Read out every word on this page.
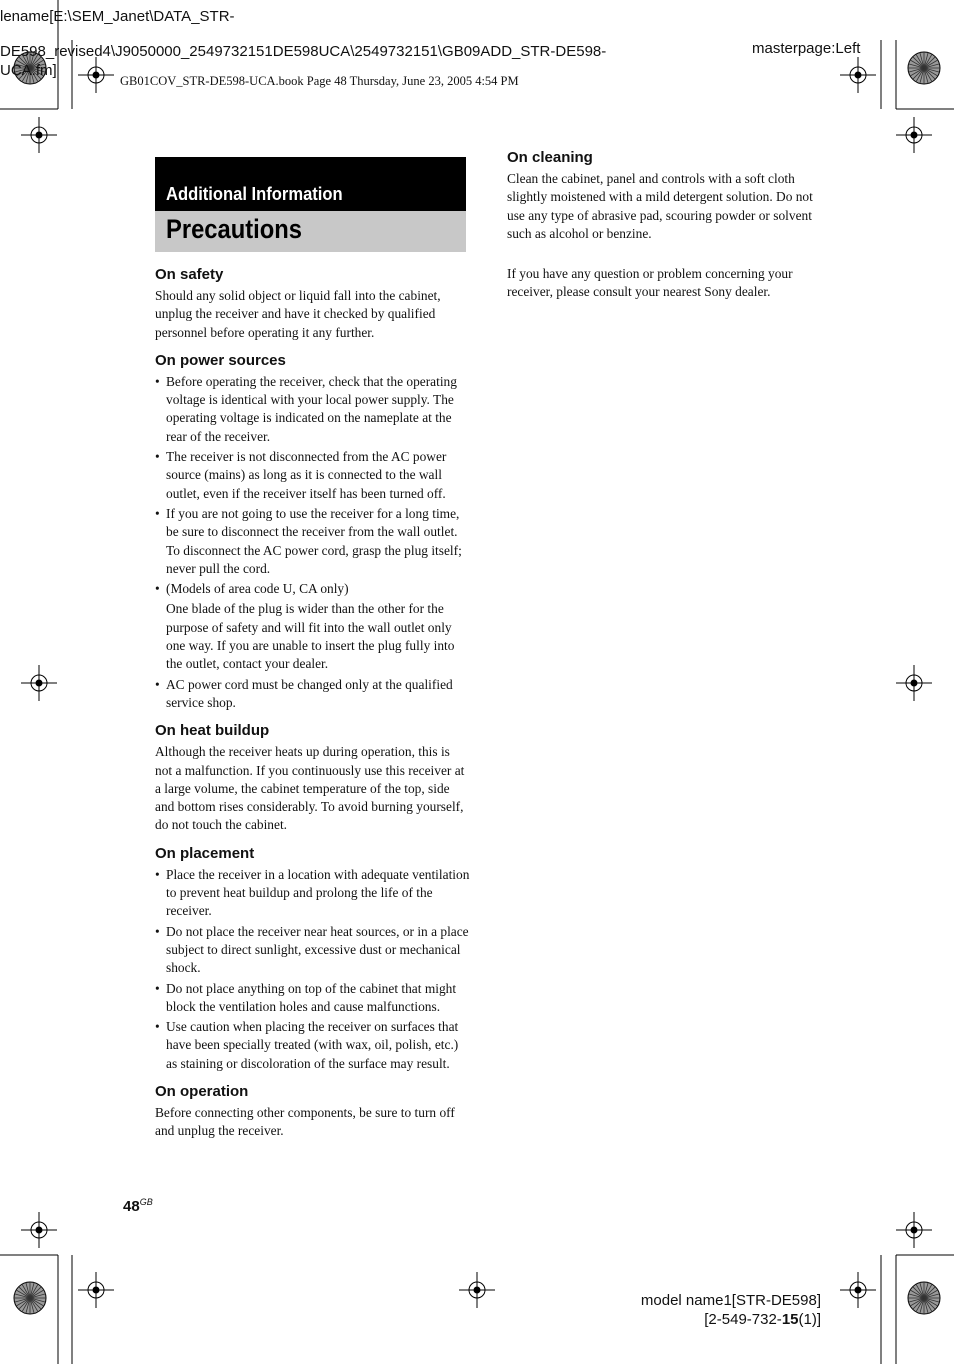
lename[E:\SEM_Janet\DATA_STR-
DE598_revised4\J9050000_2549732151DE598UCA\2549732151\GB09ADD_STR-DE598-
UCA.fm]
GB01COV_STR-DE598-UCA.book Page 48 Thursday, June 23, 2005 4:54 PM
masterpage:Left
Additional Information
Precautions
On safety

Should any solid object or liquid fall into the cabinet, unplug the receiver and have it checked by qualified personnel before operating it any further.

On power sources
• Before operating the receiver, check that the operating voltage is identical with your local power supply. The operating voltage is indicated on the nameplate at the rear of the receiver.
• The receiver is not disconnected from the AC power source (mains) as long as it is connected to the wall outlet, even if the receiver itself has been turned off.
• If you are not going to use the receiver for a long time, be sure to disconnect the receiver from the wall outlet. To disconnect the AC power cord, grasp the plug itself; never pull the cord.
• (Models of area code U, CA only)
One blade of the plug is wider than the other for the purpose of safety and will fit into the wall outlet only one way. If you are unable to insert the plug fully into the outlet, contact your dealer.
• AC power cord must be changed only at the qualified service shop.
On heat buildup

Although the receiver heats up during operation, this is not a malfunction. If you continuously use this receiver at a large volume, the cabinet temperature of the top, side and bottom rises considerably. To avoid burning yourself, do not touch the cabinet.

On placement
• Place the receiver in a location with adequate ventilation to prevent heat buildup and prolong the life of the receiver.
• Do not place the receiver near heat sources, or in a place subject to direct sunlight, excessive dust or mechanical shock.
• Do not place anything on top of the cabinet that might block the ventilation holes and cause malfunctions.
• Use caution when placing the receiver on surfaces that have been specially treated (with wax, oil, polish, etc.) as staining or discoloration of the surface may result.
On operation

Before connecting other components, be sure to turn off and unplug the receiver.

On cleaning

Clean the cabinet, panel and controls with a soft cloth slightly moistened with a mild detergent solution. Do not use any type of abrasive pad, scouring powder or solvent such as alcohol or benzine.

If you have any question or problem concerning your receiver, please consult your nearest Sony dealer.

$48^{GB}$
model name1[STR-DE598]
[2-549-732-15(1)]
